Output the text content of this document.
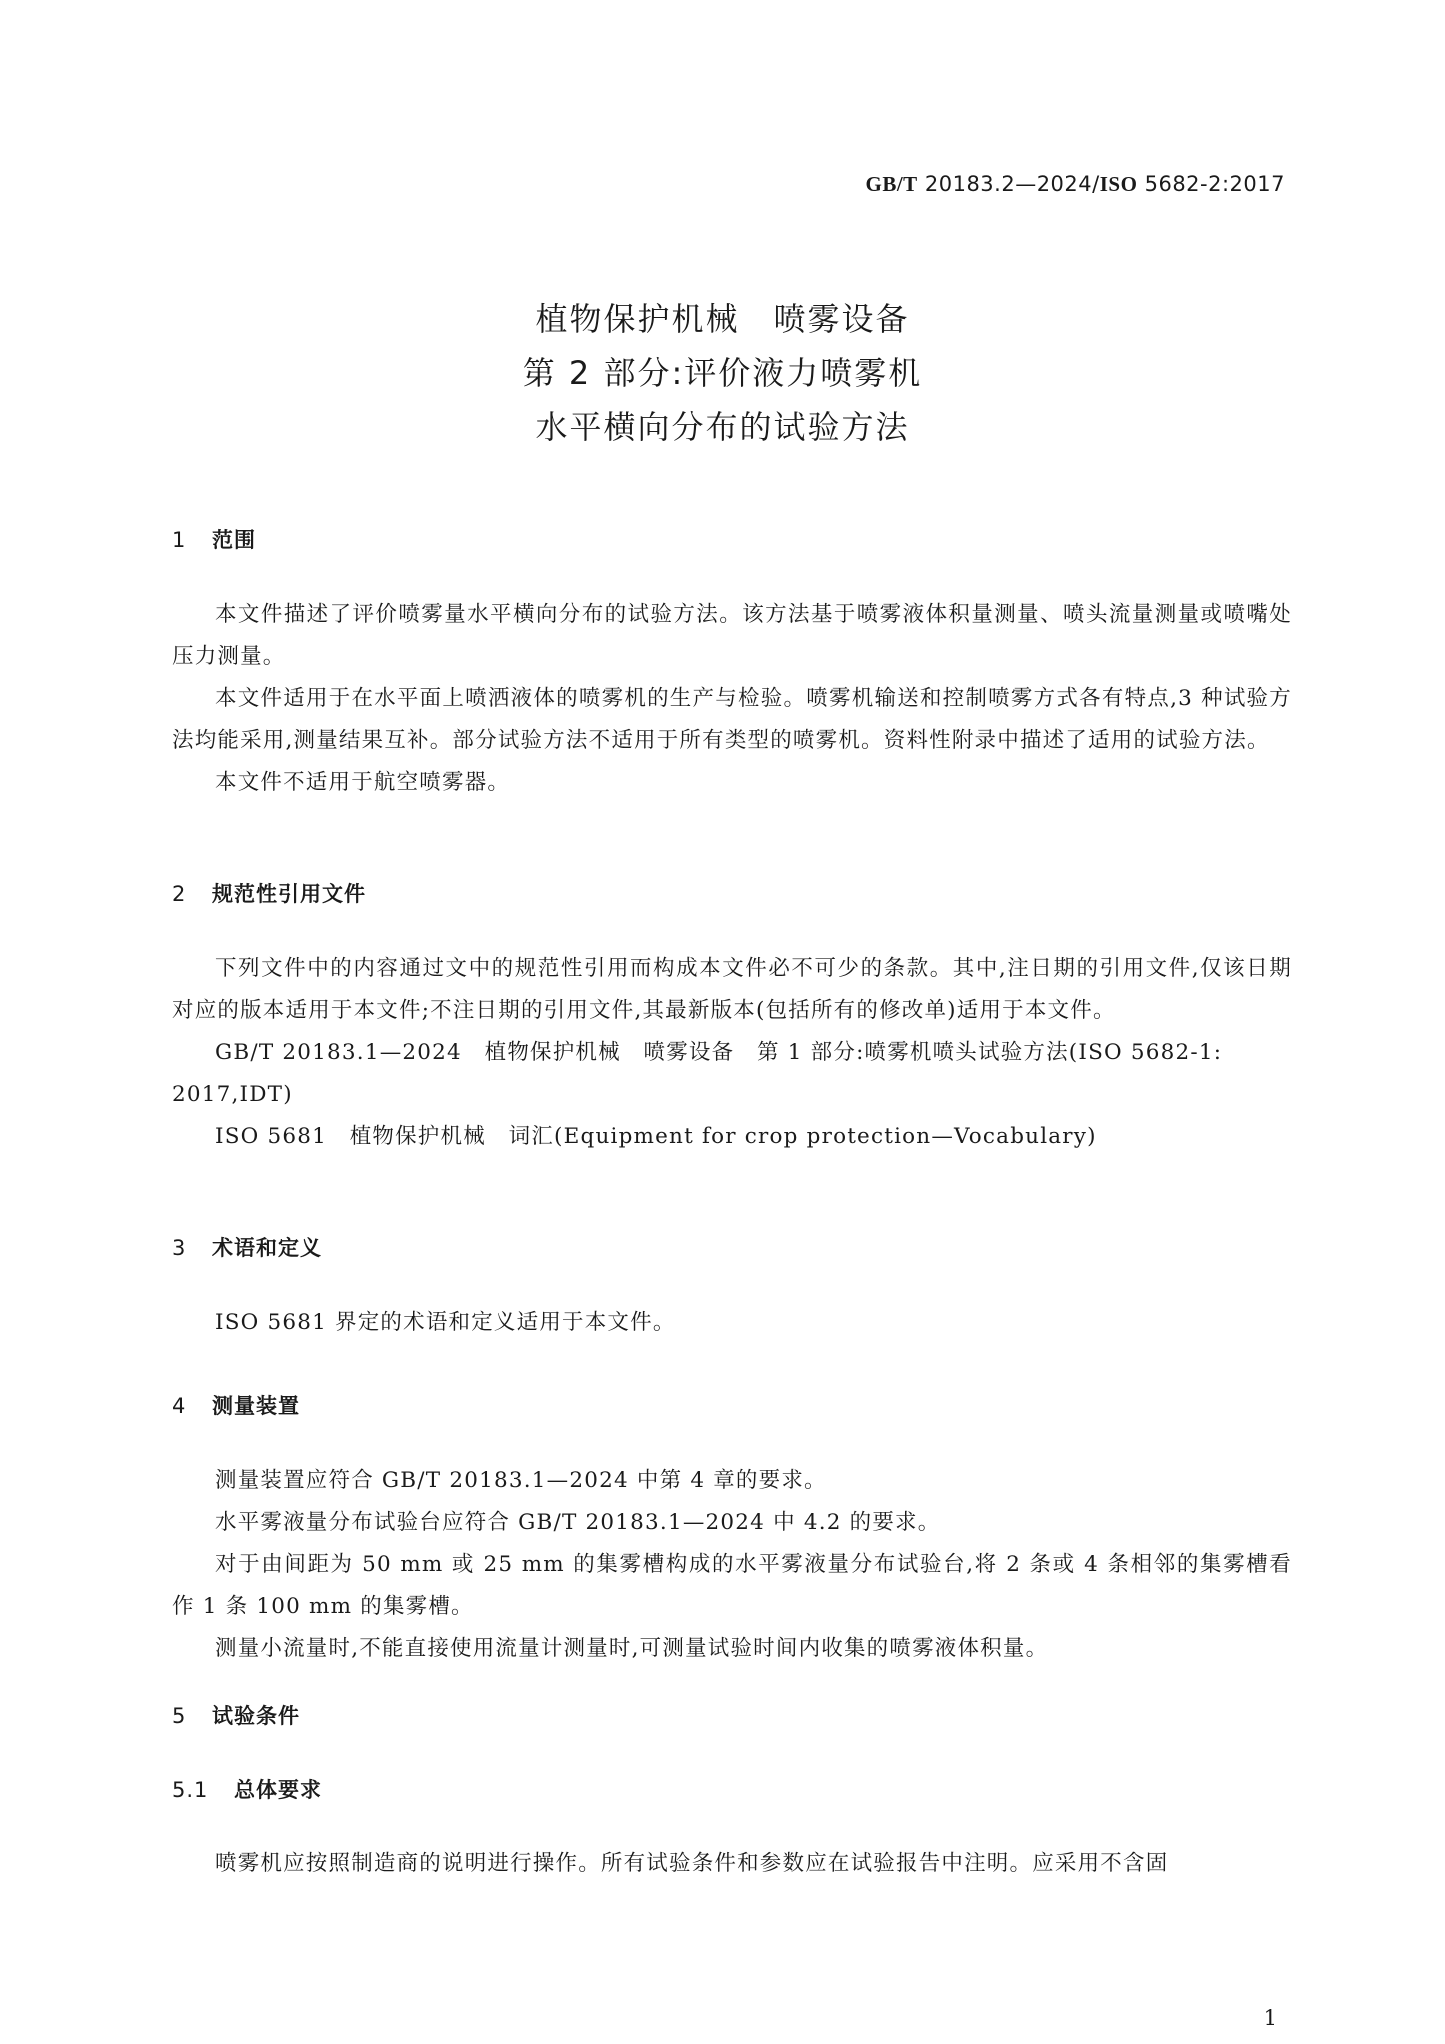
GB/T 20183.2—2024/ISO 5682-2:2017
植物保护机械　喷雾设备
第 2 部分:评价液力喷雾机
水平横向分布的试验方法
1 范围

本文件描述了评价喷雾量水平横向分布的试验方法。该方法基于喷雾液体积量测量、喷头流量测量或喷嘴处压力测量。

本文件适用于在水平面上喷洒液体的喷雾机的生产与检验。喷雾机输送和控制喷雾方式各有特点,3 种试验方法均能采用,测量结果互补。部分试验方法不适用于所有类型的喷雾机。资料性附录中描述了适用的试验方法。

本文件不适用于航空喷雾器。

2 规范性引用文件

下列文件中的内容通过文中的规范性引用而构成本文件必不可少的条款。其中,注日期的引用文件,仅该日期对应的版本适用于本文件;不注日期的引用文件,其最新版本(包括所有的修改单)适用于本文件。

GB/T 20183.1—2024　植物保护机械　喷雾设备　第 1 部分:喷雾机喷头试验方法(ISO 5682-1:

2017,IDT)

ISO 5681　植物保护机械　词汇(Equipment for crop protection—Vocabulary)

3 术语和定义

ISO 5681 界定的术语和定义适用于本文件。

4 测量装置

测量装置应符合 GB/T 20183.1—2024 中第 4 章的要求。

水平雾液量分布试验台应符合 GB/T 20183.1—2024 中 4.2 的要求。

对于由间距为 50 mm 或 25 mm 的集雾槽构成的水平雾液量分布试验台,将 2 条或 4 条相邻的集雾槽看作 1 条 100 mm 的集雾槽。

测量小流量时,不能直接使用流量计测量时,可测量试验时间内收集的喷雾液体积量。

5 试验条件
5.1 总体要求

喷雾机应按照制造商的说明进行操作。所有试验条件和参数应在试验报告中注明。应采用不含固

1
